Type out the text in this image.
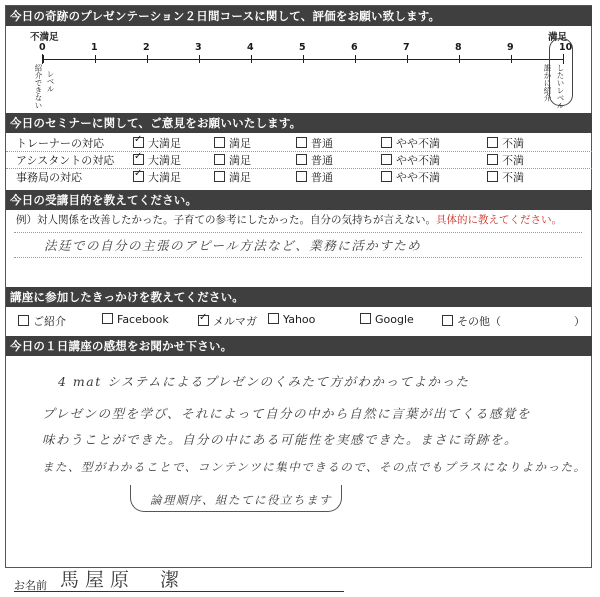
今日の奇跡のプレゼンテーション２日間コースに関して、評価をお願い致します。
不満足	満足
0	1	2	3	4	5	6	7	8	9	10
紹介できない レベル	誰かに紹介 したいレベル
今日のセミナーに関して、ご意見をお願いいたします。
トレーナーの対応 ✓	大満足	満足	普通	やや不満	不満
アシスタントの対応 ✓	大満足	満足	普通	やや不満	不満
事務局の対応 ✓	大満足	満足	普通	やや不満	不満
今日の受講目的を教えてください。
例）対人関係を改善したかった。子育ての参考にしたかった。自分の気持ちが言えない。具体的に教えてください。
法廷での自分の主張のアピール方法など、業務に活かすため
講座に参加したきっかけを教えてください。
ご紹介	Facebook ✓	メルマガ	Yahoo	Google	その他（	）
今日の１日講座の感想をお聞かせ下さい。
4 mat システムによるプレゼンのくみたて方がわかってよかった
プレゼンの型を学び、それによって自分の中から自然に言葉が出てくる感覚を
味わうことができた。自分の中にある可能性を実感できた。まさに奇跡を。
また、型がわかることで、コンテンツに集中できるので、その点でもプラスになりよかった。
論理順序、組たてに役立ちます
お名前 馬屋原　潔
